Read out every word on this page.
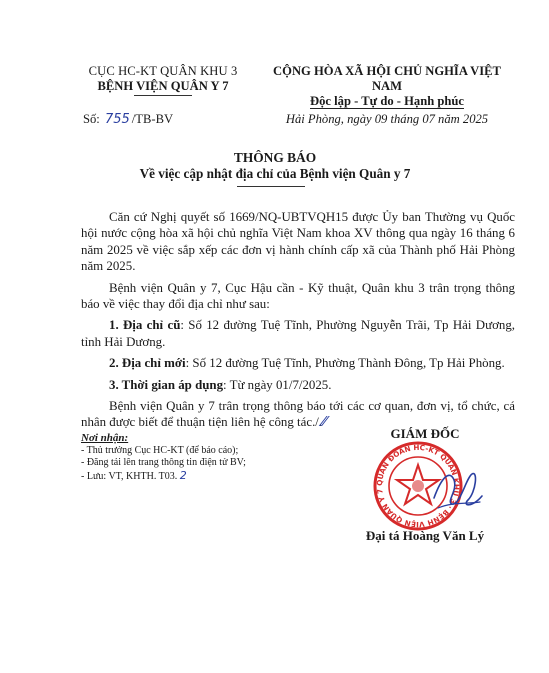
CỤC HC-KT QUÂN KHU 3
BỆNH VIỆN QUÂN Y 7
CỘNG HÒA XÃ HỘI CHỦ NGHĨA VIỆT NAM
Độc lập - Tự do - Hạnh phúc
Số: 755 /TB-BV	Hải Phòng, ngày 09 tháng 07 năm 2025
THÔNG BÁO
Về việc cập nhật địa chỉ của Bệnh viện Quân y 7

Căn cứ Nghị quyết số 1669/NQ-UBTVQH15 được Ủy ban Thường vụ Quốc hội nước cộng hòa xã hội chủ nghĩa Việt Nam khoa XV thông qua ngày 16 tháng 6 năm 2025 về việc sắp xếp các đơn vị hành chính cấp xã của Thành phố Hải Phòng năm 2025.

Bệnh viện Quân y 7, Cục Hậu cần - Kỹ thuật, Quân khu 3 trân trọng thông báo về việc thay đổi địa chỉ như sau:

1. Địa chỉ cũ: Số 12 đường Tuệ Tĩnh, Phường Nguyễn Trãi, Tp Hải Dương, tỉnh Hải Dương.

2. Địa chỉ mới: Số 12 đường Tuệ Tĩnh, Phường Thành Đông, Tp Hải Phòng.

3. Thời gian áp dụng: Từ ngày 01/7/2025.

Bệnh viện Quân y 7 trân trọng thông báo tới các cơ quan, đơn vị, tổ chức, cá nhân được biết để thuận tiện liên hệ công tác./.⁄⁄

Nơi nhận:
- Thủ trưởng Cục HC-KT (để báo cáo);
- Đăng tải lên trang thông tin điện tử BV;
- Lưu: VT, KHTH. T03. 2
GIÁM ĐỐC
QUÂN ĐOÀN HC-KT QUÂN KHU 3 · BỆNH VIỆN QUÂN Y 7
Đại tá Hoàng Văn Lý
